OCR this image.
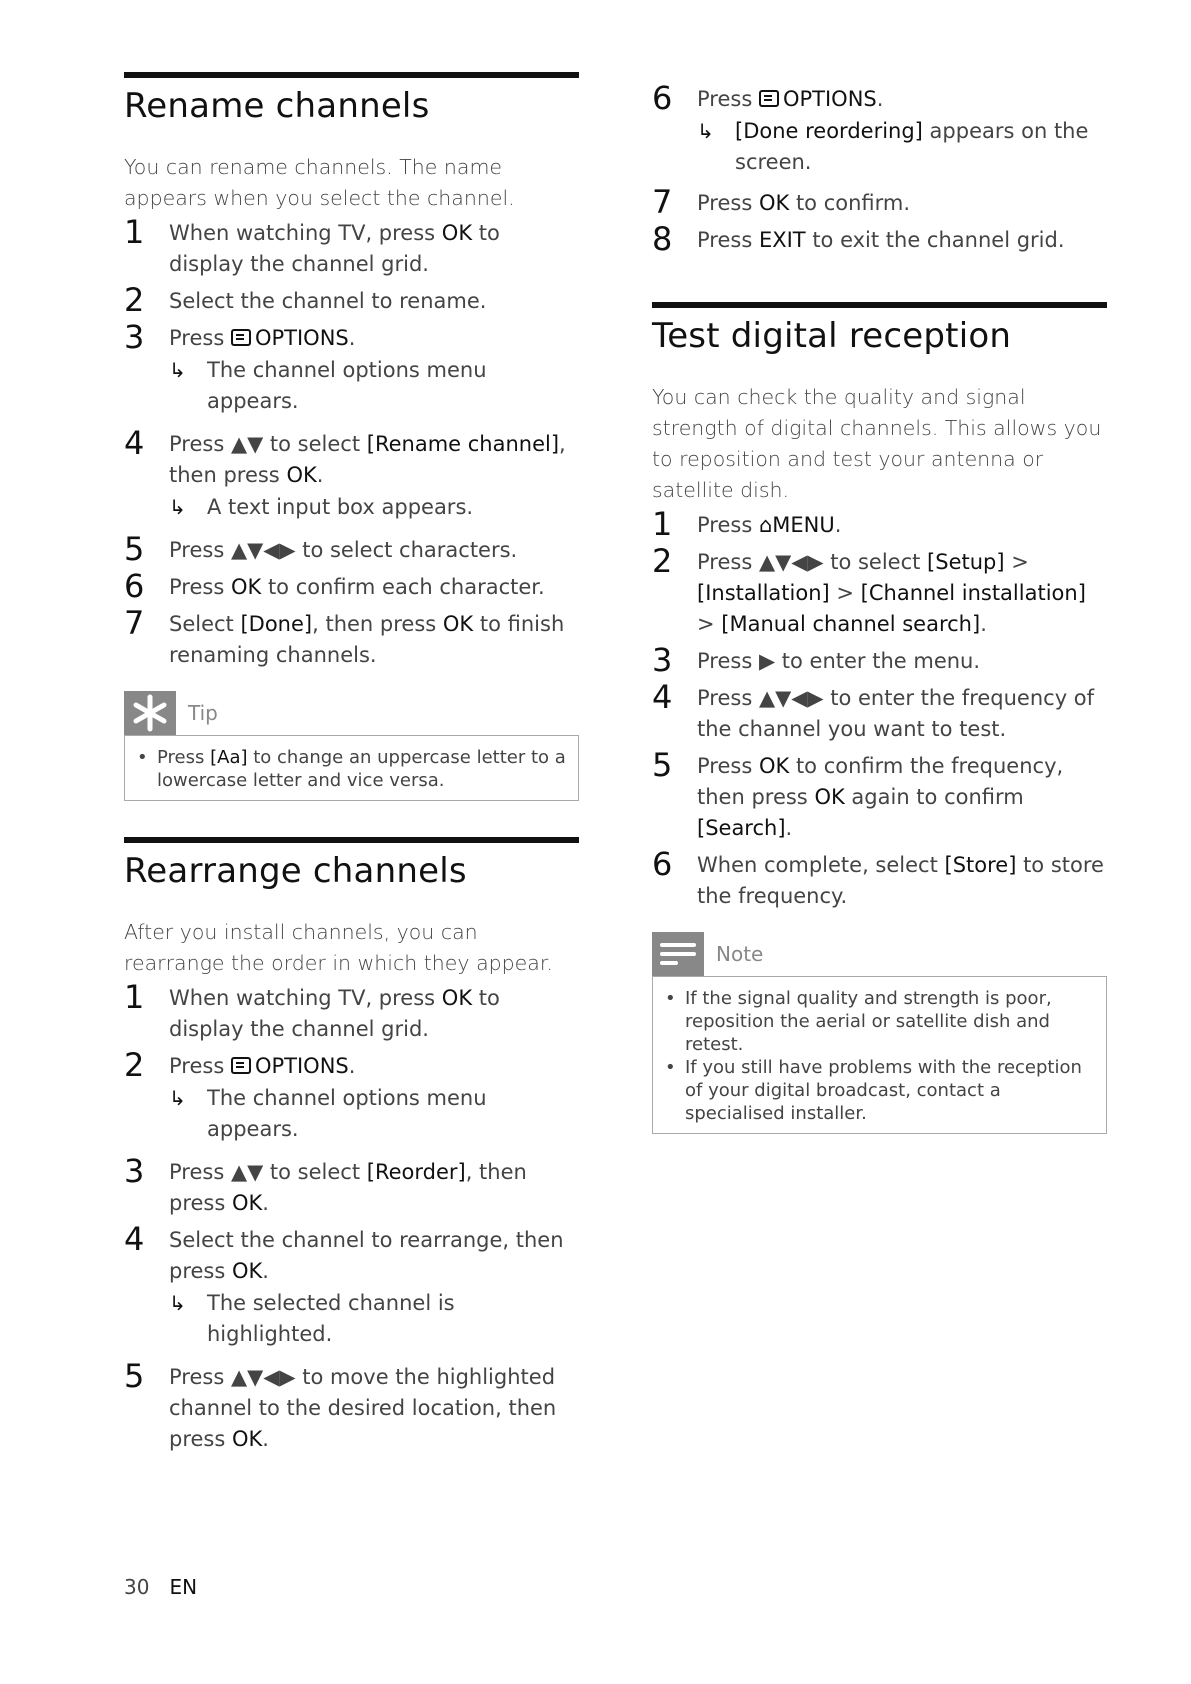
Rename channels

You can rename channels. The name appears when you select the channel.

1 When watching TV, press OK to display the channel grid.
2 Select the channel to rename.
3 Press OPTIONS.
↳ The channel options menu appears.
4 Press ▲▼ to select [Rename channel], then press OK.
↳ A text input box appears.
5 Press ▲▼◀▶ to select characters.
6 Press OK to confirm each character.
7 Select [Done], then press OK to finish renaming channels.
Tip
• Press [Aa] to change an uppercase letter to a lowercase letter and vice versa.
Rearrange channels

After you install channels, you can rearrange the order in which they appear.

1 When watching TV, press OK to display the channel grid.
2 Press OPTIONS.
↳ The channel options menu appears.
3 Press ▲▼ to select [Reorder], then press OK.
4 Select the channel to rearrange, then press OK.
↳ The selected channel is highlighted.
5 Press ▲▼◀▶ to move the highlighted channel to the desired location, then press OK.
6 Press OPTIONS.
↳ [Done reordering] appears on the screen.
7 Press OK to confirm.
8 Press EXIT to exit the channel grid.
Test digital reception

You can check the quality and signal strength of digital channels. This allows you to reposition and test your antenna or satellite dish.

1 Press ⌂MENU.
2 Press ▲▼◀▶ to select [Setup] > [Installation] > [Channel installation] > [Manual channel search].
3 Press ▶ to enter the menu.
4 Press ▲▼◀▶ to enter the frequency of the channel you want to test.
5 Press OK to confirm the frequency, then press OK again to confirm [Search].
6 When complete, select [Store] to store the frequency.
Note
• If the signal quality and strength is poor, reposition the aerial or satellite dish and retest.
• If you still have problems with the reception of your digital broadcast, contact a specialised installer.
30 EN
